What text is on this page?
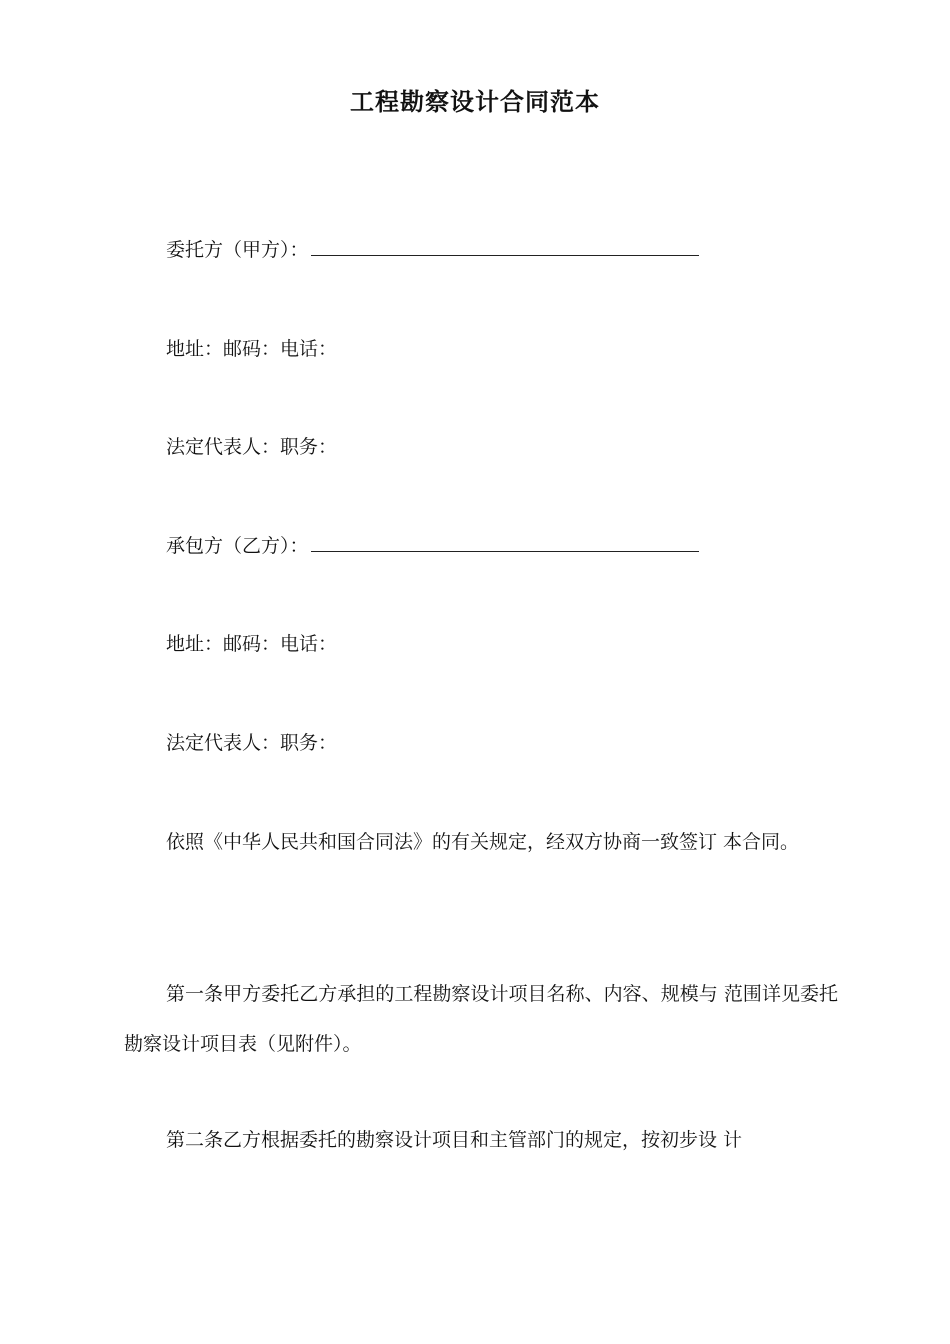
工程勘察设计合同范本
委托方（甲方）：
地址：邮码：电话：
法定代表人：职务：
承包方（乙方）：
地址：邮码：电话：
法定代表人：职务：

依照《中华人民共和国合同法》的有关规定，经双方协商一致签订 本合同。

第一条甲方委托乙方承担的工程勘察设计项目名称、内容、规模与 范围详见委托勘察设计项目表（见附件）。

第二条乙方根据委托的勘察设计项目和主管部门的规定，按初步设 计
